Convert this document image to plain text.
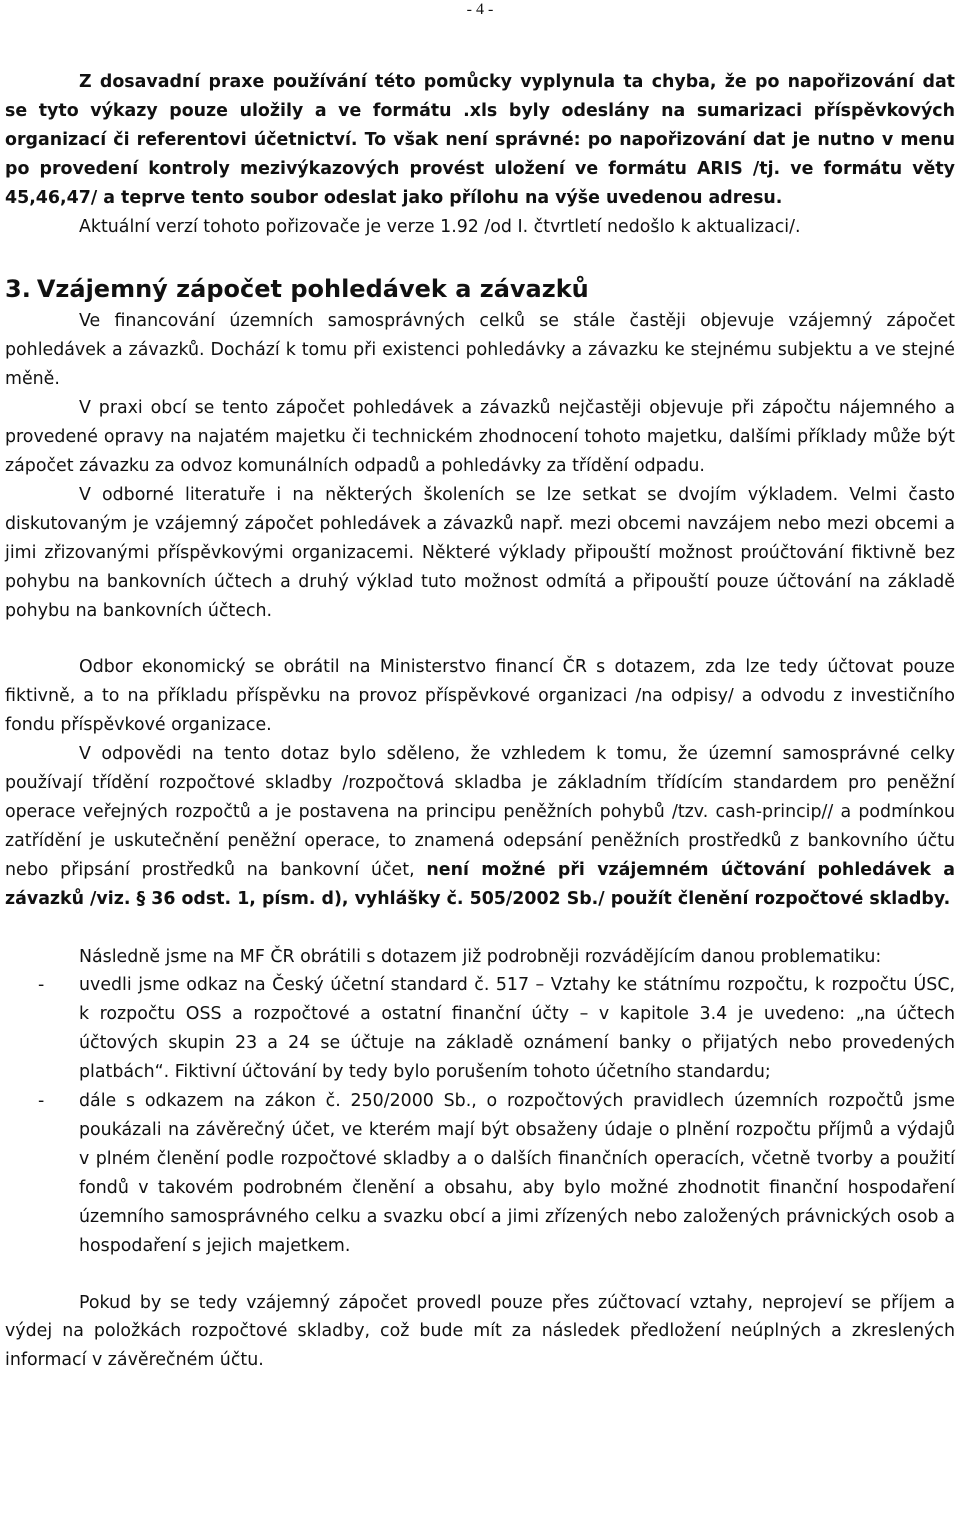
- 4 -

Z dosavadní praxe používání této pomůcky vyplynula ta chyba, že po napořizování dat se tyto výkazy pouze uložily a ve formátu .xls byly odeslány na sumarizaci příspěvkových organizací či referentovi účetnictví. To však není správné: po napořizování dat je nutno v menu po provedení kontroly mezivýkazových provést uložení ve formátu ARIS /tj. ve formátu věty 45,46,47/ a teprve tento soubor odeslat jako přílohu na výše uvedenou adresu.

Aktuální verzí tohoto pořizovače je verze 1.92 /od I. čtvrtletí nedošlo k aktualizaci/.

3. Vzájemný zápočet pohledávek a závazků

Ve financování územních samosprávných celků se stále častěji objevuje vzájemný zápočet pohledávek a závazků. Dochází k tomu při existenci pohledávky a závazku ke stejnému subjektu a ve stejné měně.

V praxi obcí se tento zápočet pohledávek a závazků nejčastěji objevuje při zápočtu nájemného a provedené opravy na najatém majetku či technickém zhodnocení tohoto majetku, dalšími příklady může být zápočet závazku za odvoz komunálních odpadů a pohledávky za třídění odpadu.

V odborné literatuře i na některých školeních se lze setkat se dvojím výkladem. Velmi často diskutovaným je vzájemný zápočet pohledávek a závazků např. mezi obcemi navzájem nebo mezi obcemi a jimi zřizovanými příspěvkovými organizacemi. Některé výklady připouští možnost proúčtování fiktivně bez pohybu na bankovních účtech a druhý výklad tuto možnost odmítá a připouští pouze účtování na základě pohybu na bankovních účtech.

Odbor ekonomický se obrátil na Ministerstvo financí ČR s dotazem, zda lze tedy účtovat pouze fiktivně, a to na příkladu příspěvku na provoz příspěvkové organizaci /na odpisy/ a odvodu z investičního fondu příspěvkové organizace.

V odpovědi na tento dotaz bylo sděleno, že vzhledem k tomu, že územní samosprávné celky používají třídění rozpočtové skladby /rozpočtová skladba je základním třídícím standardem pro peněžní operace veřejných rozpočtů a je postavena na principu peněžních pohybů /tzv. cash-princip// a podmínkou zatřídění je uskutečnění peněžní operace, to znamená odepsání peněžních prostředků z bankovního účtu nebo připsání prostředků na bankovní účet, není možné při vzájemném účtování pohledávek a závazků /viz. § 36 odst. 1, písm. d), vyhlášky č. 505/2002 Sb./ použít členění rozpočtové skladby.

Následně jsme na MF ČR obrátili s dotazem již podrobněji rozvádějícím danou problematiku:

- uvedli jsme odkaz na Český účetní standard č. 517 – Vztahy ke státnímu rozpočtu, k rozpočtu ÚSC, k rozpočtu OSS a rozpočtové a ostatní finanční účty – v kapitole 3.4 je uvedeno: „na účtech účtových skupin 23 a 24 se účtuje na základě oznámení banky o přijatých nebo provedených platbách“. Fiktivní účtování by tedy bylo porušením tohoto účetního standardu;
- dále s odkazem na zákon č. 250/2000 Sb., o rozpočtových pravidlech územních rozpočtů jsme poukázali na závěrečný účet, ve kterém mají být obsaženy údaje o plnění rozpočtu příjmů a výdajů v plném členění podle rozpočtové skladby a o dalších finančních operacích, včetně tvorby a použití fondů v takovém podrobném členění a obsahu, aby bylo možné zhodnotit finanční hospodaření územního samosprávného celku a svazku obcí a jimi zřízených nebo založených právnických osob a hospodaření s jejich majetkem.

Pokud by se tedy vzájemný zápočet provedl pouze přes zúčtovací vztahy, neprojeví se příjem a výdej na položkách rozpočtové skladby, což bude mít za následek předložení neúplných a zkreslených informací v závěrečném účtu.
